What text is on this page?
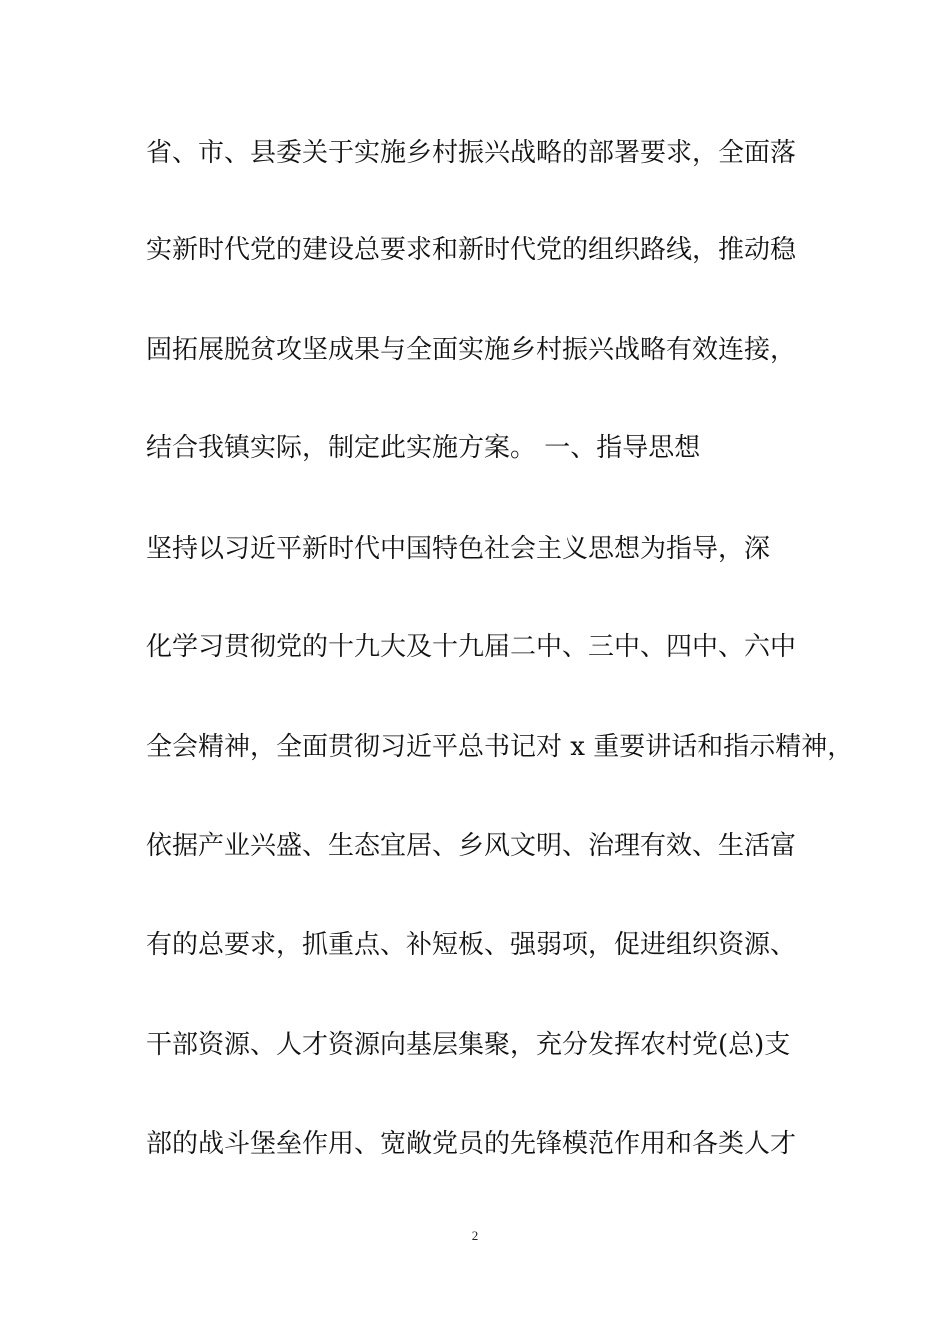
省、市、县委关于实施乡村振兴战略的部署要求，全面落
实新时代党的建设总要求和新时代党的组织路线，推动稳
固拓展脱贫攻坚成果与全面实施乡村振兴战略有效连接，
结合我镇实际，制定此实施方案。 一、指导思想
坚持以习近平新时代中国特色社会主义思想为指导，深
化学习贯彻党的十九大及十九届二中、三中、四中、六中
全会精神，全面贯彻习近平总书记对 x 重要讲话和指示精神，
依据产业兴盛、生态宜居、乡风文明、治理有效、生活富
有的总要求，抓重点、补短板、强弱项，促进组织资源、
干部资源、人才资源向基层集聚，充分发挥农村党(总)支
部的战斗堡垒作用、宽敞党员的先锋模范作用和各类人才
2
